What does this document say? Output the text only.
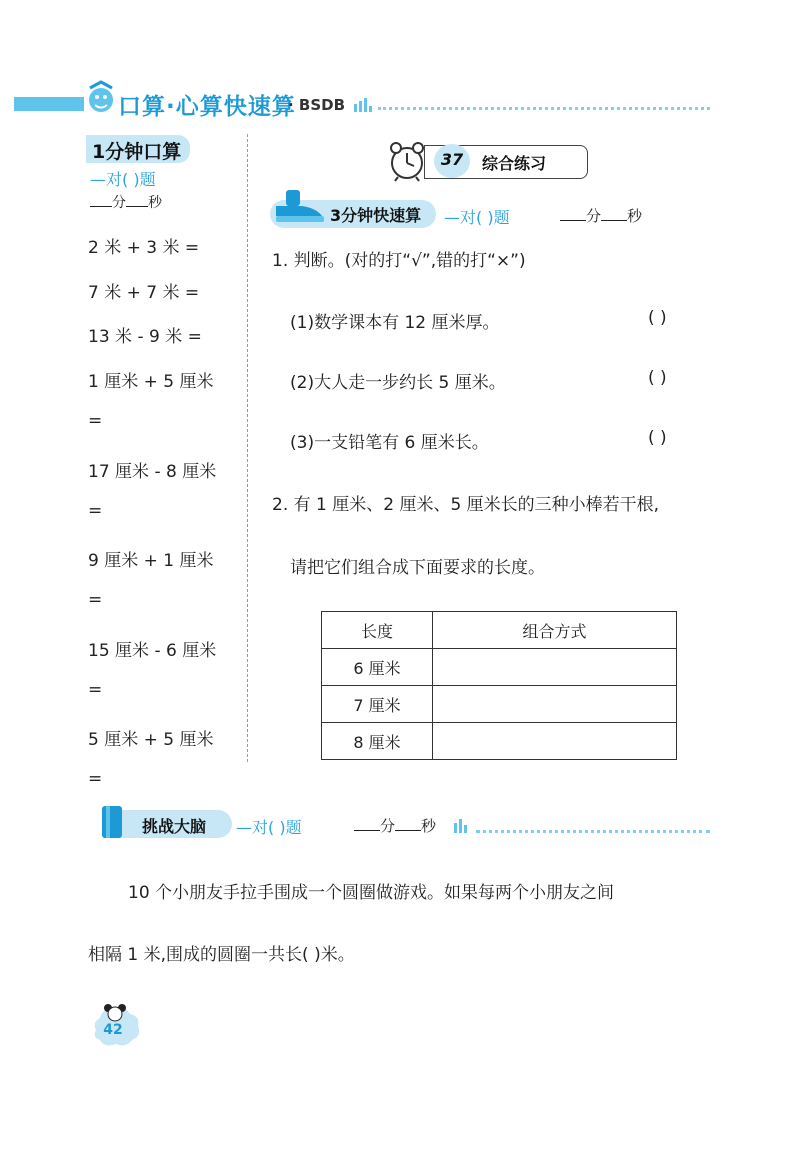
口算·心算快速算
· BSDB
1分钟口算
—对( )题
分 秒
2 米 + 3 米 =
7 米 + 7 米 =
13 米 - 9 米 =
1 厘米 + 5 厘米
=
17 厘米 - 8 厘米
=
9 厘米 + 1 厘米
=
15 厘米 - 6 厘米
=
5 厘米 + 5 厘米
=
37 综合练习
3分钟快速算 —对( )题	分 秒
1. 判断。(对的打“√”,错的打“×”)
(1)数学课本有 12 厘米厚。	( )
(2)大人走一步约长 5 厘米。	( )
(3)一支铅笔有 6 厘米长。	( )
2. 有 1 厘米、2 厘米、5 厘米长的三种小棒若干根,
请把它们组合成下面要求的长度。
长度	组合方式
6 厘米	
7 厘米	
8 厘米	
挑战大脑 —对( )题	分 秒
10 个小朋友手拉手围成一个圆圈做游戏。如果每两个小朋友之间
相隔 1 米,围成的圆圈一共长( )米。
42
